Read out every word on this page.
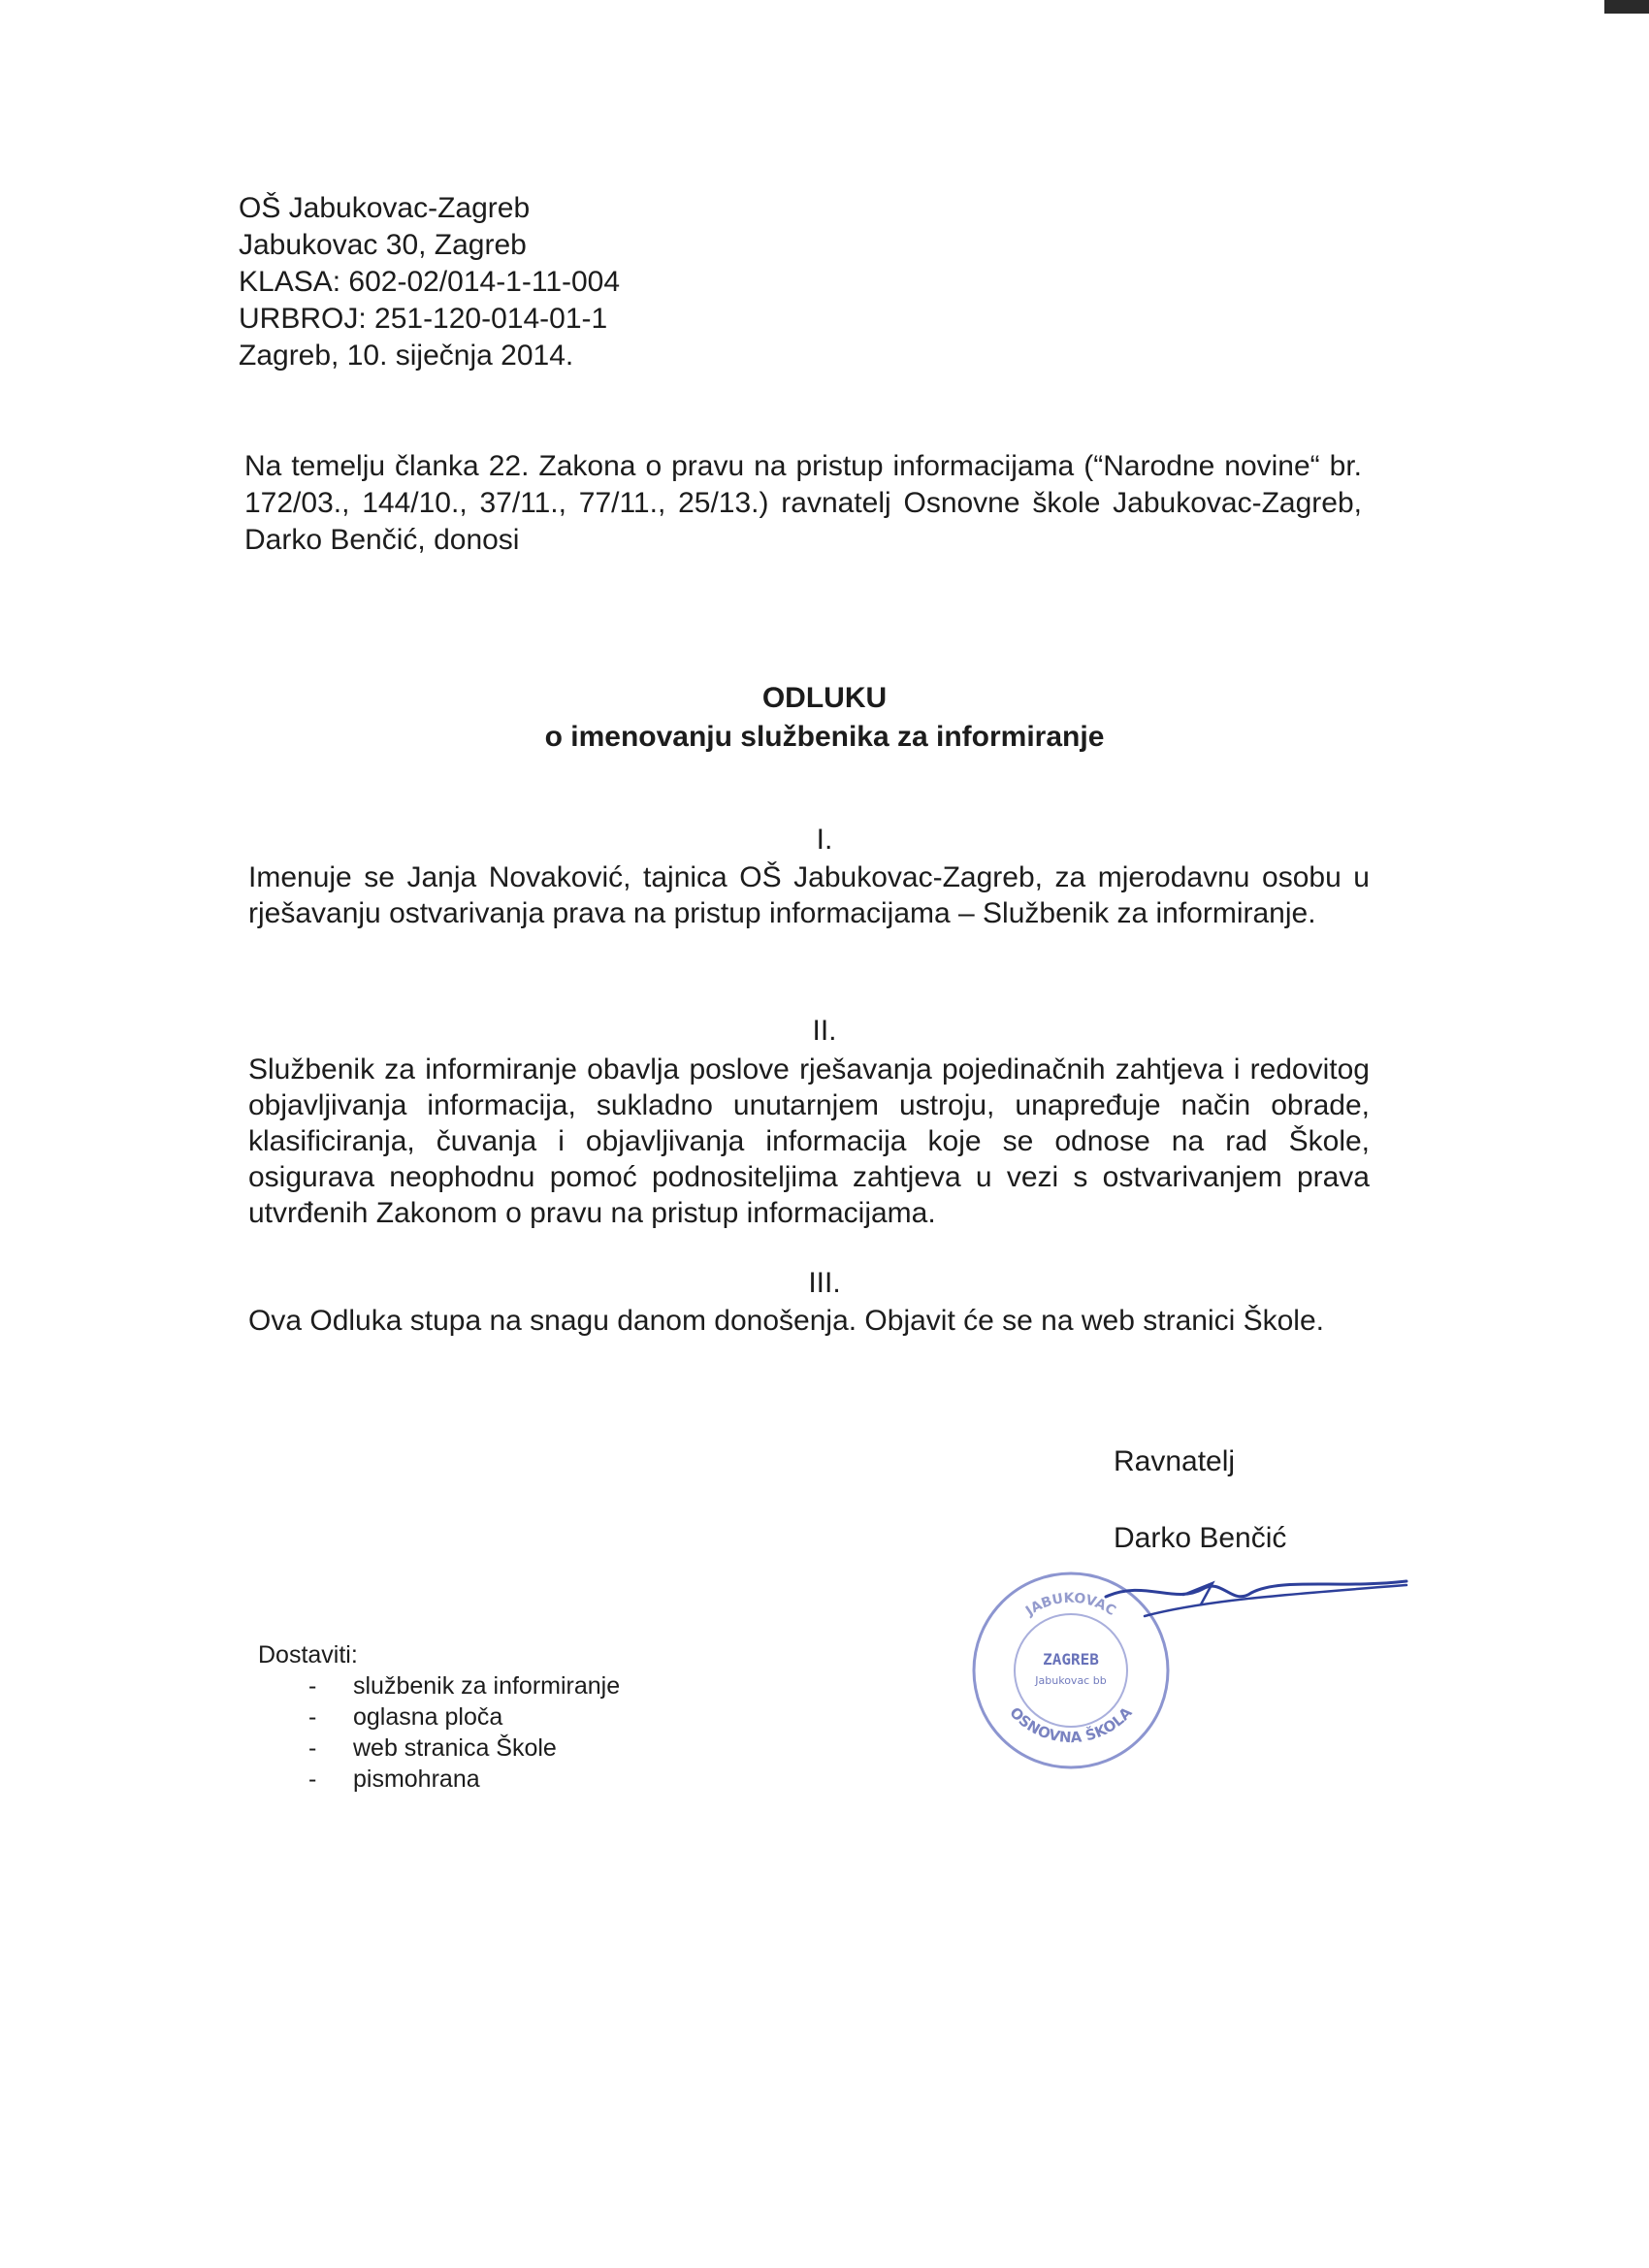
OŠ Jabukovac-Zagreb
Jabukovac 30, Zagreb
KLASA: 602-02/014-1-11-004
URBROJ: 251-120-014-01-1
Zagreb, 10. siječnja 2014.
Na temelju članka 22. Zakona o pravu na pristup informacijama (“Narodne novine“ br. 172/03., 144/10., 37/11., 77/11., 25/13.) ravnatelj Osnovne škole Jabukovac-Zagreb, Darko Benčić, donosi
ODLUKU
o imenovanju službenika za informiranje
I.
Imenuje se Janja Novaković, tajnica OŠ Jabukovac-Zagreb, za mjerodavnu osobu u rješavanju ostvarivanja prava na pristup informacijama – Službenik za informiranje.
II.
Službenik za informiranje obavlja poslove rješavanja pojedinačnih zahtjeva i redovitog objavljivanja informacija, sukladno unutarnjem ustroju, unapređuje način obrade, klasificiranja, čuvanja i objavljivanja informacija koje se odnose na rad Škole, osigurava neophodnu pomoć podnositeljima zahtjeva u vezi s ostvarivanjem prava utvrđenih Zakonom o pravu na pristup informacijama.
III.
Ova Odluka stupa na snagu danom donošenja. Objavit će se na web stranici Škole.
Ravnatelj
Darko Benčić
ZAGREB
Jabukovac bb
OSNOVNA ŠKOLA
JABUKOVAC
Dostaviti:
- službenik za informiranje
- oglasna ploča
- web stranica Škole
- pismohrana
